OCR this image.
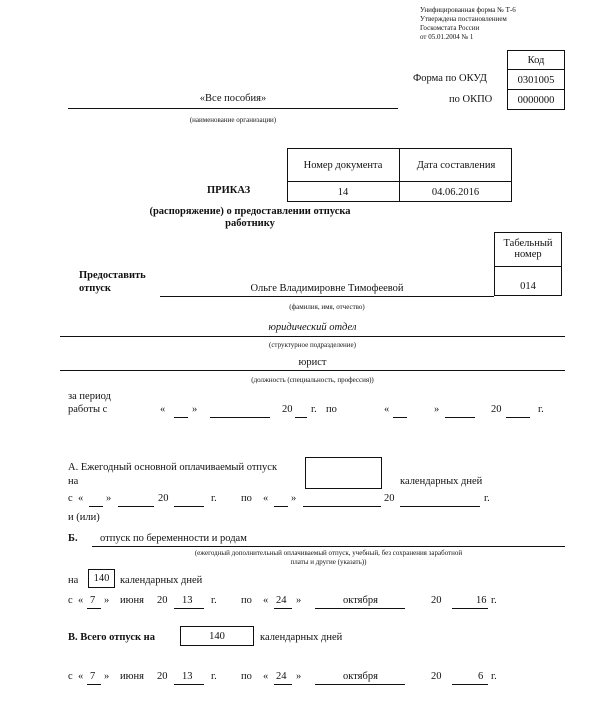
Унифицированная форма № Т-6
Утверждена постановлением
Госкомстата России
от 05.01.2004 № 1
Код
0301005
0000000
Форма по ОКУД
по ОКПО
«Все пособия»
(наименование организации)
Номер документа	Дата составления
14	04.06.2016
ПРИКАЗ
(распоряжение) о предоставлении отпуска
работнику
Табельный номер
014
Предоставить
отпуск	Ольге Владимировне Тимофеевой
(фамилия, имя, отчество)
юридический отдел
(структурное подразделение)
юрист
(должность (специальность, профессия))
за период
работы с	«	»	20 г. по	«	»	20	г.
А. Ежегодный основной оплачиваемый отпуск
на	календарных дней
с « »	20	г. по « »	20	г.
и (или)
Б. отпуск по беременности и родам
(ежегодный дополнительный оплачиваемый отпуск, учебный, без сохранения заработной
платы и другие (указать))
на	140	календарных дней
с « 7 » июня 20 13 г. по « 24 »	октября	20	16 г.
В. Всего отпуск на	140	календарных дней
с « 7 » июня 20 13 г. по « 24 »	октября	20	6 г.
